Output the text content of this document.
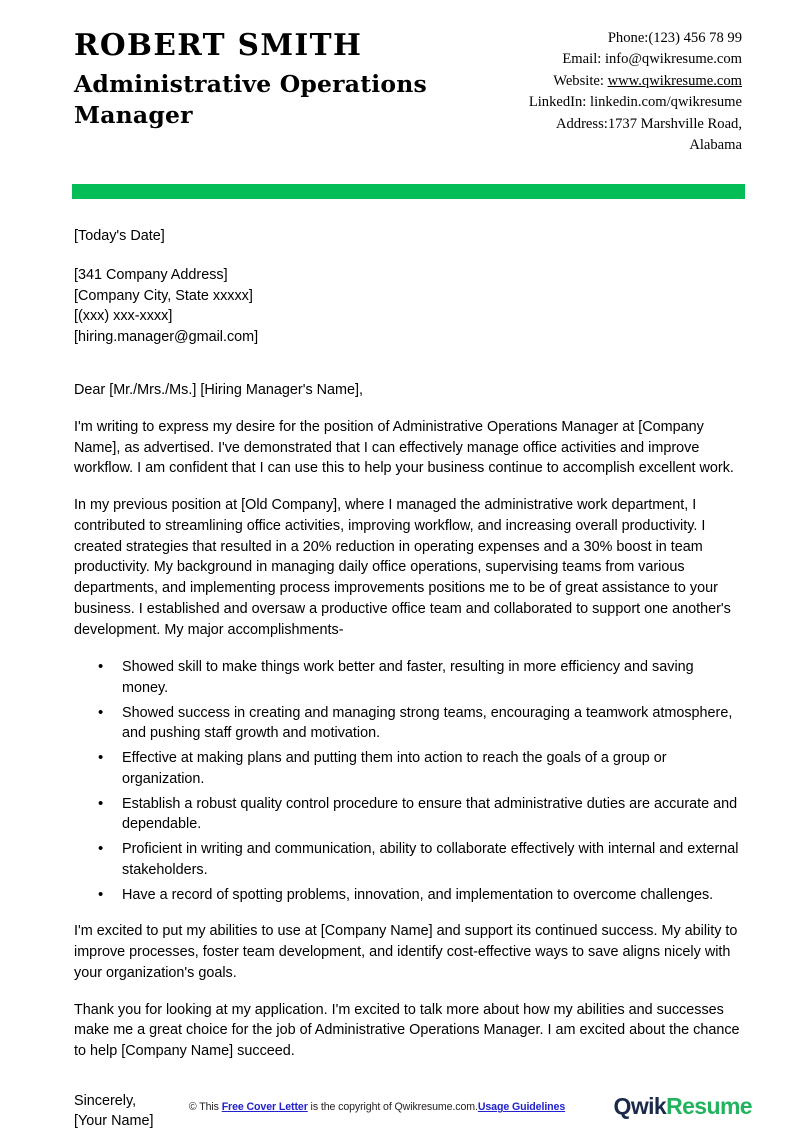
ROBERT SMITH
Administrative Operations Manager
Phone:(123) 456 78 99
Email: info@qwikresume.com
Website: www.qwikresume.com
LinkedIn: linkedin.com/qwikresume
Address:1737 Marshville Road,
Alabama
[Today's Date]
[341 Company Address]
[Company City, State xxxxx]
[(xxx) xxx-xxxx]
[hiring.manager@gmail.com]
Dear [Mr./Mrs./Ms.] [Hiring Manager's Name],

I'm writing to express my desire for the position of Administrative Operations Manager at [Company Name], as advertised. I've demonstrated that I can effectively manage office activities and improve workflow. I am confident that I can use this to help your business continue to accomplish excellent work.

In my previous position at [Old Company], where I managed the administrative work department, I contributed to streamlining office activities, improving workflow, and increasing overall productivity. I created strategies that resulted in a 20% reduction in operating expenses and a 30% boost in team productivity. My background in managing daily office operations, supervising teams from various departments, and implementing process improvements positions me to be of great assistance to your business. I established and oversaw a productive office team and collaborated to support one another's development. My major accomplishments-

• Showed skill to make things work better and faster, resulting in more efficiency and saving money.
• Showed success in creating and managing strong teams, encouraging a teamwork atmosphere, and pushing staff growth and motivation.
• Effective at making plans and putting them into action to reach the goals of a group or organization.
• Establish a robust quality control procedure to ensure that administrative duties are accurate and dependable.
• Proficient in writing and communication, ability to collaborate effectively with internal and external stakeholders.
• Have a record of spotting problems, innovation, and implementation to overcome challenges.

I'm excited to put my abilities to use at [Company Name] and support its continued success. My ability to improve processes, foster team development, and identify cost-effective ways to save aligns nicely with your organization's goals.

Thank you for looking at my application. I'm excited to talk more about how my abilities and successes make me a great choice for the job of Administrative Operations Manager. I am excited about the chance to help [Company Name] succeed.

Sincerely,
[Your Name]
© This Free Cover Letter is the copyright of Qwikresume.com.Usage Guidelines QwikResume
